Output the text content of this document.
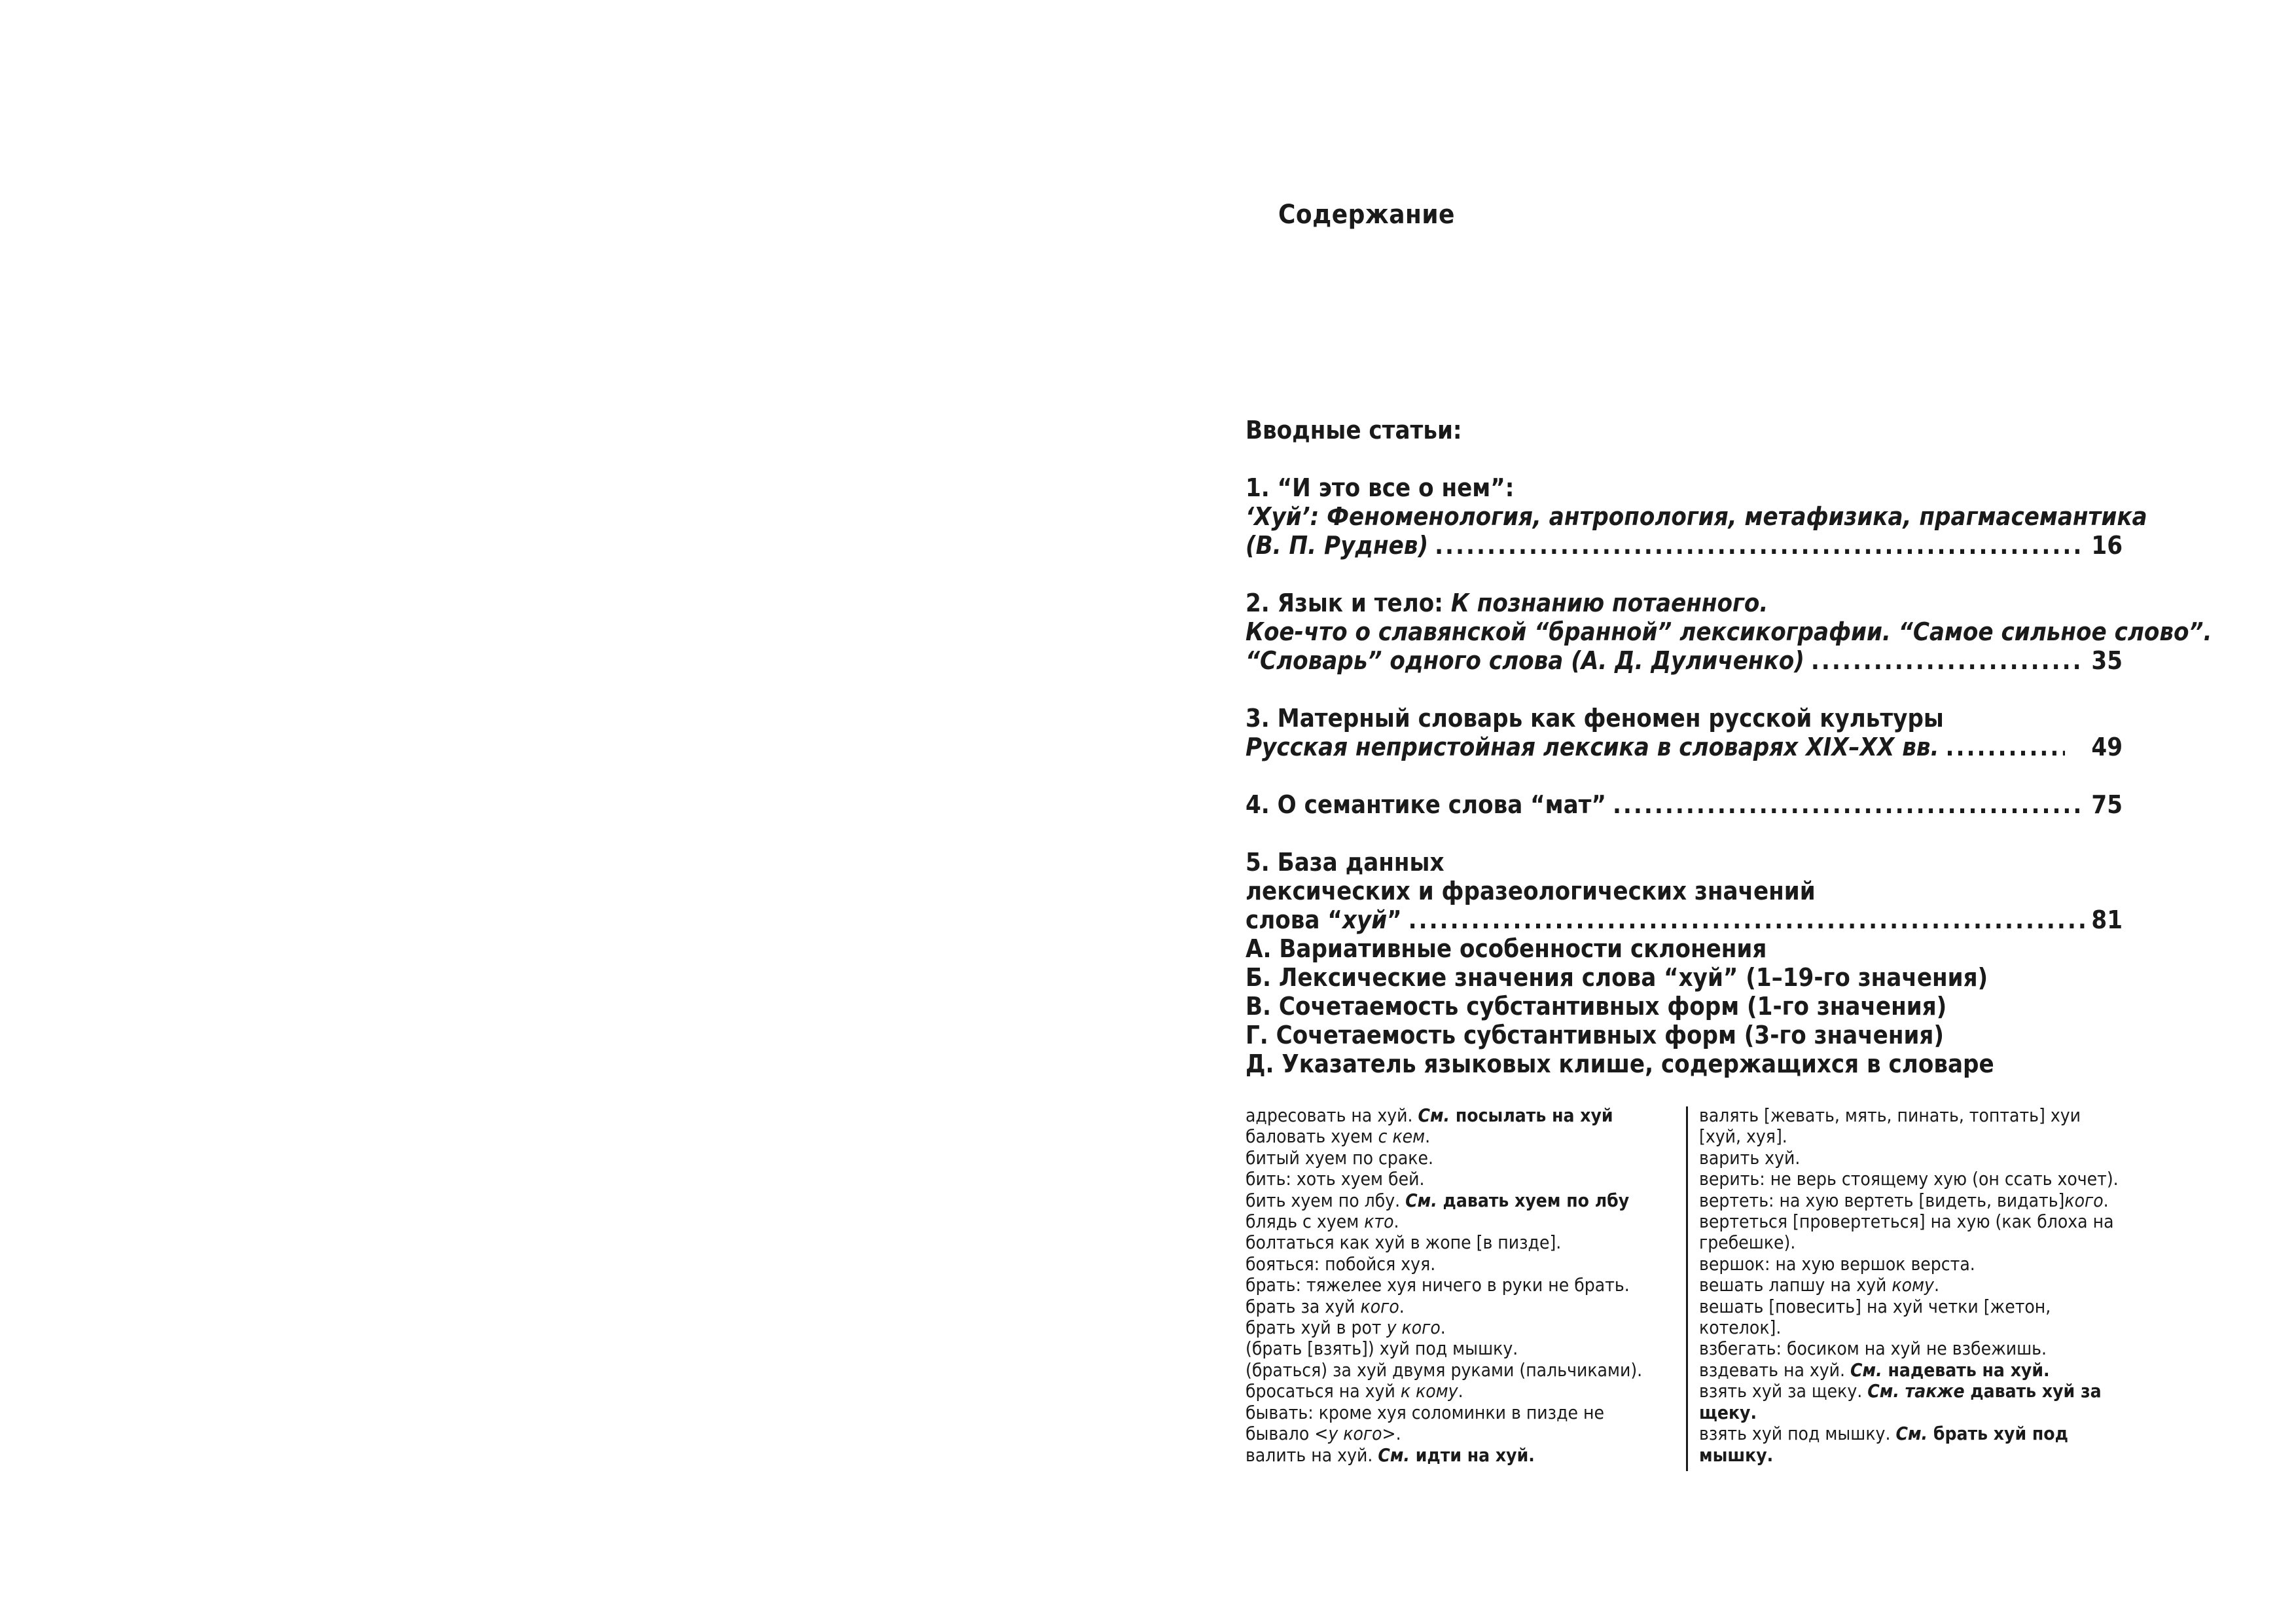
Содержание
Вводные статьи:
1. “И это все о нем”:
‘Хуй’: Феноменология, антропология, метафизика, прагмасемантика
(В. П. Руднев) .....	16
2. Язык и тело: К познанию потаенного.
Кое-что о славянской “бранной” лексикографии. “Самое сильное слово”.
“Словарь” одного слова (А. Д. Дуличенко) .....	35
3. Матерный словарь как феномен русской культуры
Русская непристойная лексика в словарях XIX–XX вв. .....	49
4. О семантике слова “мат” .....	75
5. База данных
лексических и фразеологических значений
слова “хуй” .....	81
А. Вариативные особенности склонения
Б. Лексические значения слова “хуй” (1–19-го значения)
В. Сочетаемость субстантивных форм (1-го значения)
Г. Сочетаемость субстантивных форм (3-го значения)
Д. Указатель языковых клише, содержащихся в словаре

адресовать на хуй. См. посылать на хуй

баловать хуем с кем.

битый хуем по сраке.

бить: хоть хуем бей.

бить хуем по лбу. См. давать хуем по лбу

блядь с хуем кто.

болтаться как хуй в жопе [в пизде].

бояться: побойся хуя.

брать: тяжелее хуя ничего в руки не брать.

брать за хуй кого.

брать хуй в рот у кого.

(брать [взять]) хуй под мышку.

(браться) за хуй двумя руками (пальчиками).

бросаться на хуй к кому.

бывать: кроме хуя соломинки в пизде не бывало <у кого>.

валить на хуй. См. идти на хуй.

валять [жевать, мять, пинать, топтать] хуи [хуй, хуя].

варить хуй.

верить: не верь стоящему хую (он ссать хочет).

вертеть: на хую вертеть [видеть, видать]кого.

вертеться [провертеться] на хую (как блоха на гребешке).

вершок: на хую вершок верста.

вешать лапшу на хуй кому.

вешать [повесить] на хуй четки [жетон, котелок].

взбегать: босиком на хуй не взбежишь.

вздевать на хуй. См. надевать на хуй.

взять хуй за щеку. См. также давать хуй за щеку.

взять хуй под мышку. См. брать хуй под мышку.
